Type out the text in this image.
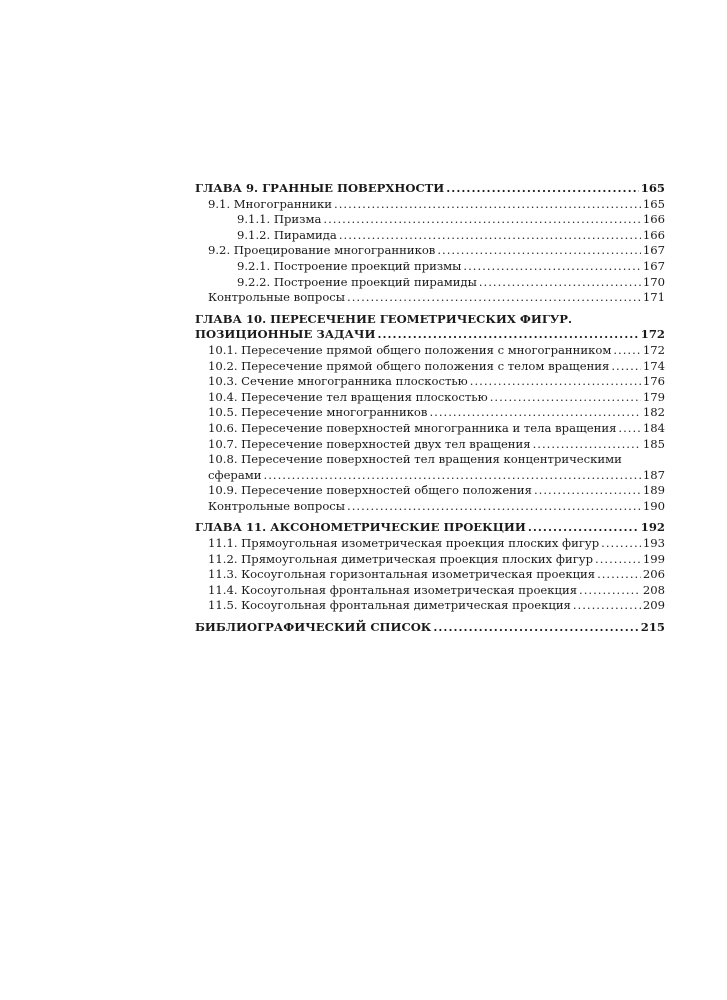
ГЛАВА 9. ГРАННЫЕ ПОВЕРХНОСТИ .....	165
9.1. Многогранники .....	165
9.1.1. Призма .....	166
9.1.2. Пирамида .....	166
9.2. Проецирование многогранников .....	167
9.2.1. Построение проекций призмы .....	167
9.2.2. Построение проекций пирамиды .....	170
Контрольные вопросы .....	171
ГЛАВА 10. ПЕРЕСЕЧЕНИЕ ГЕОМЕТРИЧЕСКИХ ФИГУР.
ПОЗИЦИОННЫЕ ЗАДАЧИ .....	172
10.1. Пересечение прямой общего положения с многогранником .....	172
10.2. Пересечение прямой общего положения с телом вращения .....	174
10.3. Сечение многогранника плоскостью .....	176
10.4. Пересечение тел вращения плоскостью .....	179
10.5. Пересечение многогранников .....	182
10.6. Пересечение поверхностей многогранника и тела вращения ..... 184
10.7. Пересечение поверхностей двух тел вращения .....	185
10.8. Пересечение поверхностей тел вращения концентрическими
сферами .....	187
10.9. Пересечение поверхностей общего положения .....	189
Контрольные вопросы .....	190
ГЛАВА 11. АКСОНОМЕТРИЧЕСКИЕ ПРОЕКЦИИ .....	192
11.1. Прямоугольная изометрическая проекция плоских фигур .....	193
11.2. Прямоугольная диметрическая проекция плоских фигур .....	199
11.3. Косоугольная горизонтальная изометрическая проекция .....	206
11.4. Косоугольная фронтальная изометрическая проекция .....	208
11.5. Косоугольная фронтальная диметрическая проекция .....	209
БИБЛИОГРАФИЧЕСКИЙ СПИСОК .....	215
